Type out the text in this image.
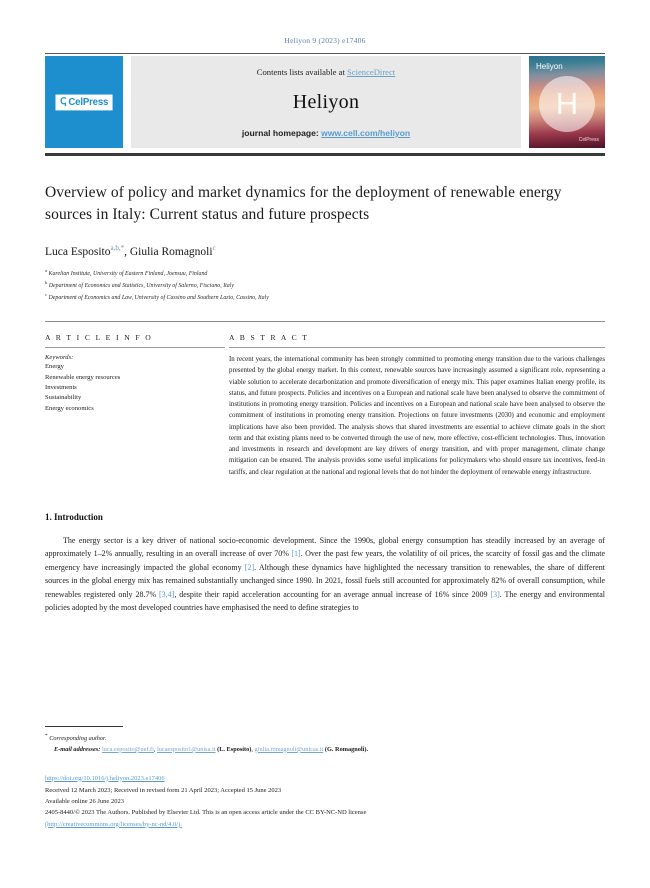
Heliyon 9 (2023) e17406
ↅ CelPress
Contents lists available at ScienceDirect
Heliyon
journal homepage: www.cell.com/heliyon
Heliyon
H
CelPress
Overview of policy and market dynamics for the deployment of renewable energy sources in Italy: Current status and future prospects
Luca Esposito$^{a,b,*}$, Giulia Romagnoli$^c$
$^a$ Karelian Institute, University of Eastern Finland, Joensuu, Finland
$^b$ Department of Economics and Statistics, University of Salerno, Fisciano, Italy
$^c$ Department of Economics and Law, University of Cassino and Southern Lazio, Cassino, Italy
A R T I C L E I N F O
Keywords:
Energy
Renewable energy resources
Investments
Sustainability
Energy economics
A B S T R A C T
In recent years, the international community has been strongly committed to promoting energy transition due to the various challenges presented by the global energy market. In this context, renewable sources have increasingly assumed a significant role, representing a viable solution to accelerate decarbonization and promote diversification of energy mix. This paper examines Italian energy profile, its status, and future prospects. Policies and incentives on a European and national scale have been analysed to observe the commitment of institutions in promoting energy transition. Policies and incentives on a European and national scale have been analysed to observe the commitment of institutions in promoting energy transition. Projections on future investments (2030) and economic and employment implications have also been provided. The analysis shows that shared investments are essential to achieve climate goals in the short term and that existing plants need to be converted through the use of new, more effective, cost-efficient technologies. Thus, innovation and investments in research and development are key drivers of energy transition, and with proper management, climate change mitigation can be ensured. The analysis provides some useful implications for policymakers who should ensure tax incentives, feed-in tariffs, and clear regulation at the national and regional levels that do not hinder the deployment of renewable energy infrastructure.
1. Introduction

The energy sector is a key driver of national socio-economic development. Since the 1990s, global energy consumption has steadily increased by an average of approximately 1–2% annually, resulting in an overall increase of over 70% [1]. Over the past few years, the volatility of oil prices, the scarcity of fossil gas and the climate emergency have increasingly impacted the global economy [2]. Although these dynamics have highlighted the necessary transition to renewables, the share of different sources in the global energy mix has remained substantially unchanged since 1990. In 2021, fossil fuels still accounted for approximately 82% of overall consumption, while renewables registered only 28.7% [3,4], despite their rapid acceleration accounting for an average annual increase of 16% since 2009 [3]. The energy and environmental policies adopted by the most developed countries have emphasised the need to define strategies to

* Corresponding author.
E-mail addresses: luca.esposito@uef.fi, lucaesposito1@unisa.it (L. Esposito), giulia.romagnoli@unicas.it (G. Romagnoli).
https://doi.org/10.1016/j.heliyon.2023.e17406
Received 12 March 2023; Received in revised form 21 April 2023; Accepted 15 June 2023
Available online 26 June 2023
2405-8440/© 2023 The Authors. Published by Elsevier Ltd. This is an open access article under the CC BY-NC-ND license
(http://creativecommons.org/licenses/by-nc-nd/4.0/).
